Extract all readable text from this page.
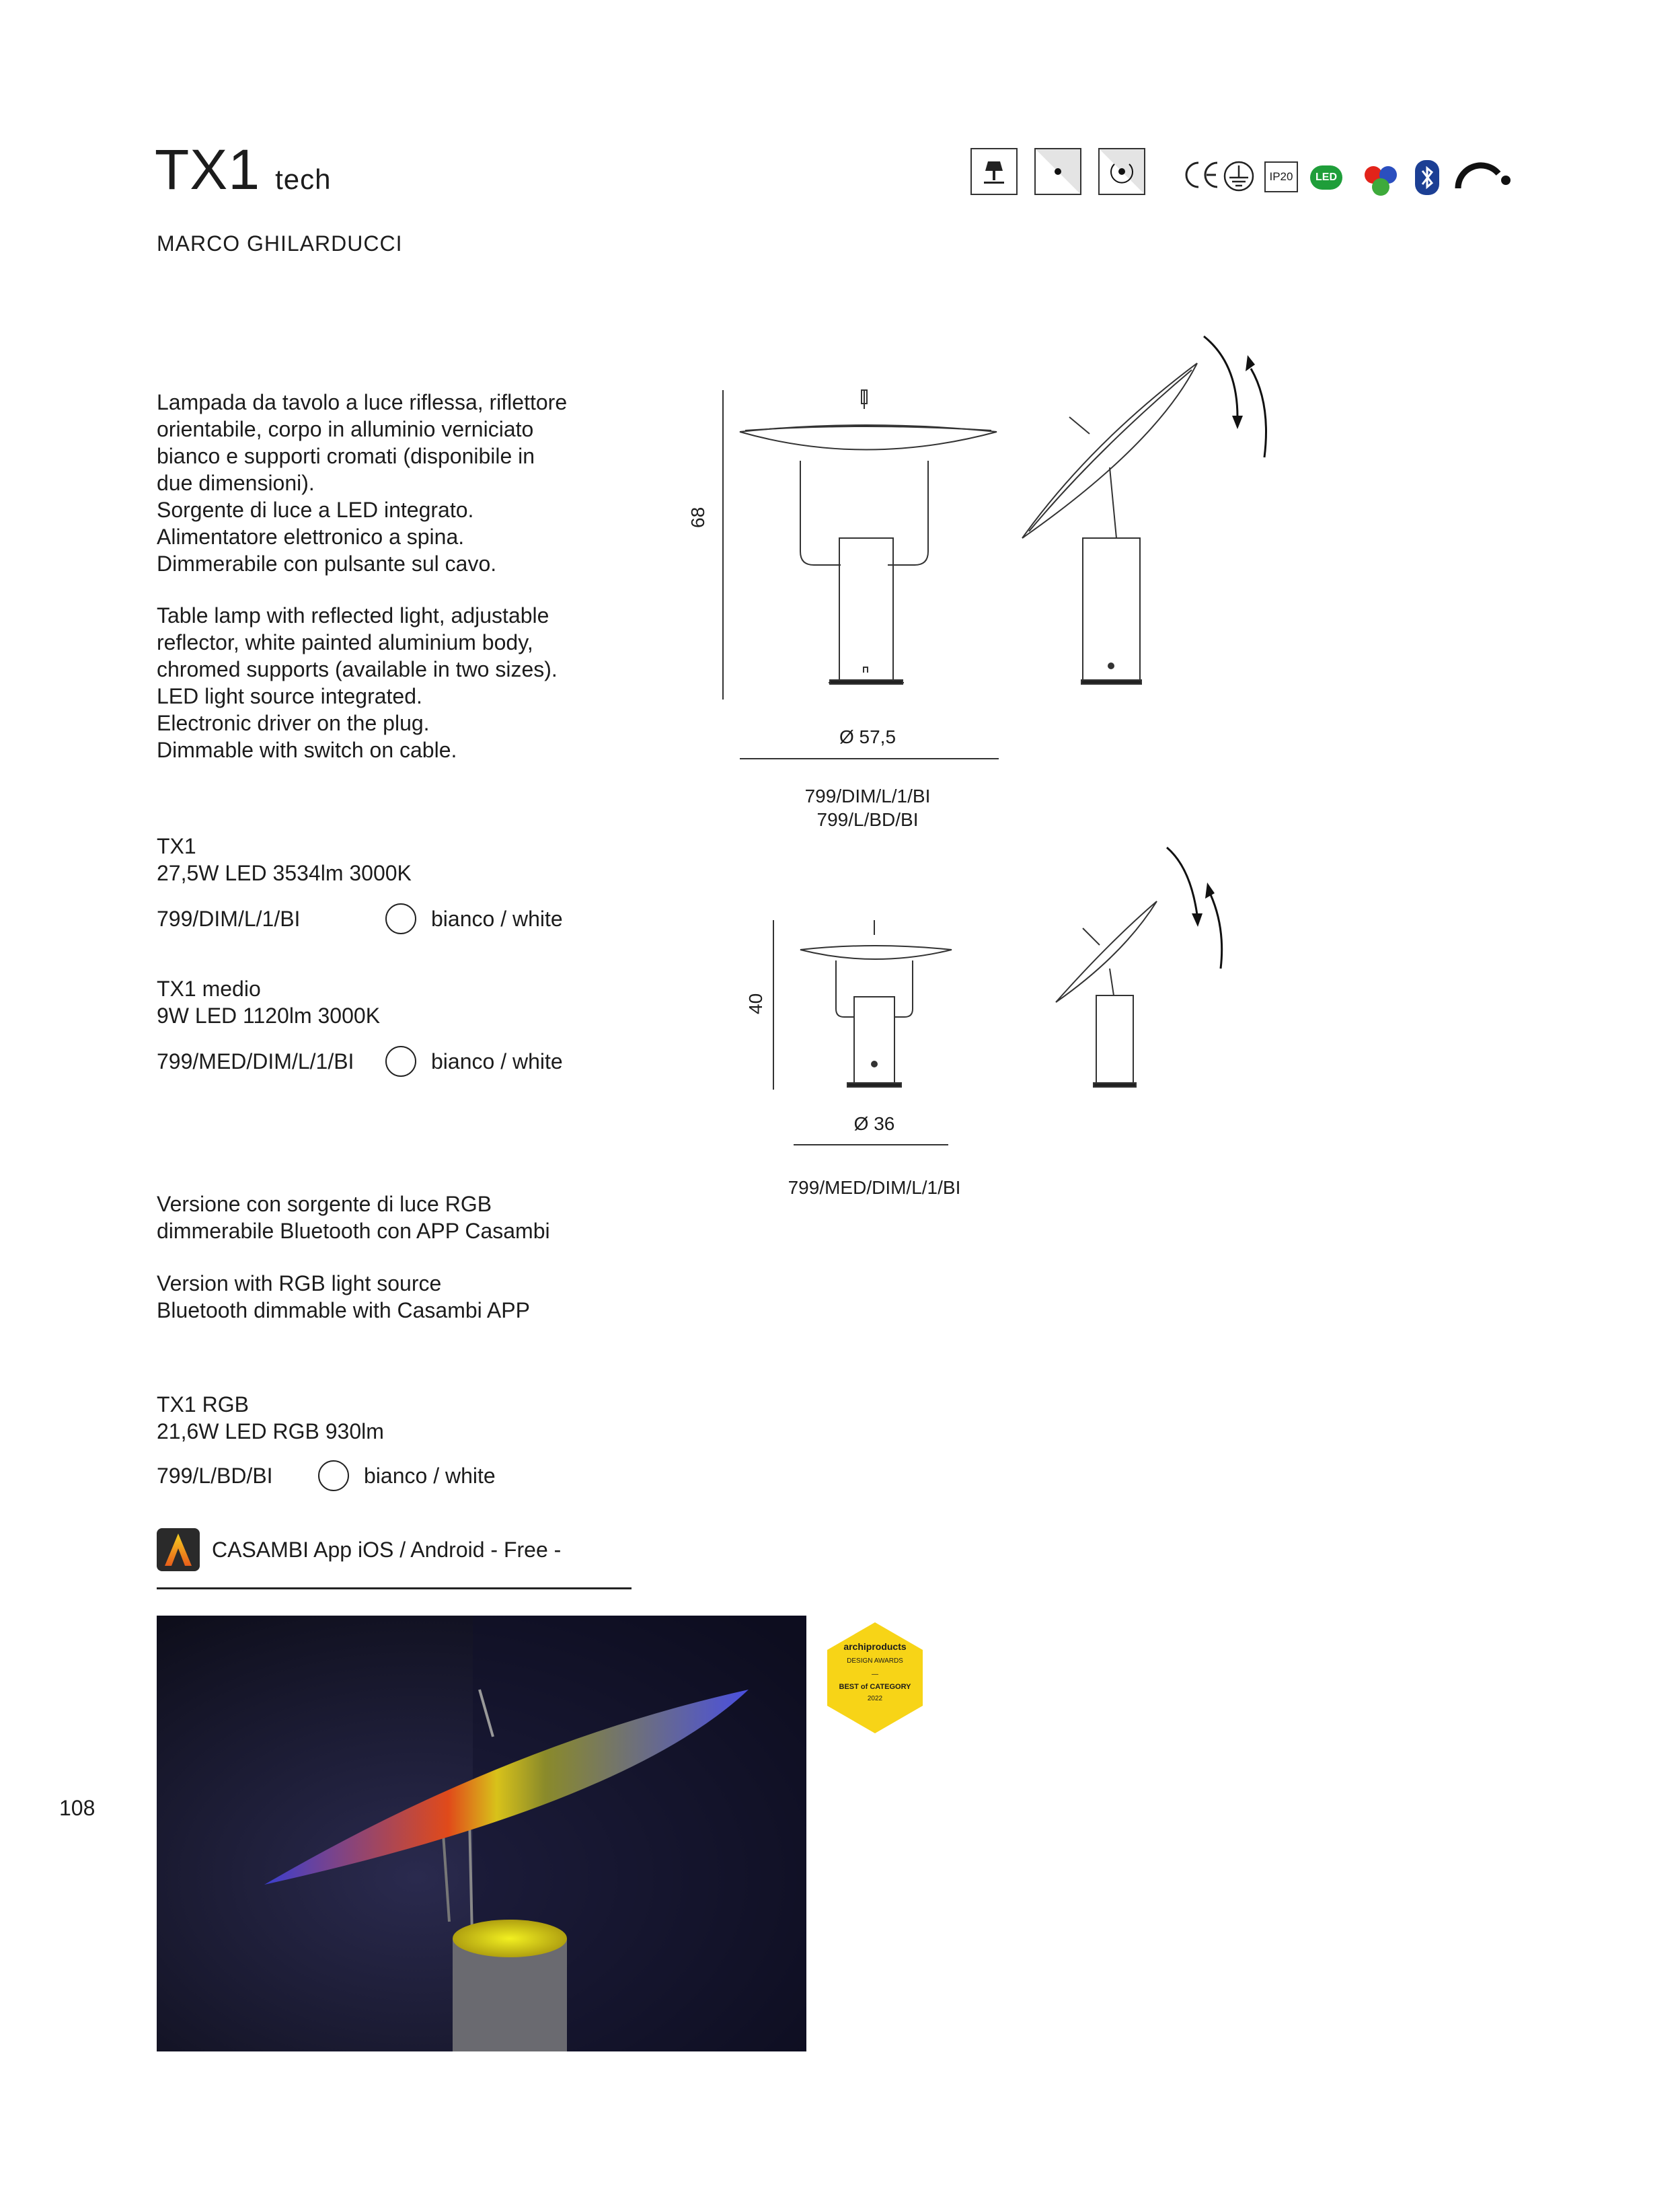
TX1 tech
MARCO GHILARDUCCI
IP20	LED
Lampada da tavolo a luce riflessa, riflettore
orientabile, corpo in alluminio verniciato
bianco e supporti cromati (disponibile in
due dimensioni).
Sorgente di luce a LED integrato.
Alimentatore elettronico a spina.
Dimmerabile con pulsante sul cavo.
Table lamp with reflected light, adjustable
reflector, white painted aluminium body,
chromed supports (available in two sizes).
LED light source integrated.
Electronic driver on the plug.
Dimmable with switch on cable.
TX1
27,5W LED 3534lm 3000K
799/DIM/L/1/BI	bianco / white
TX1 medio
9W LED 1120lm 3000K
799/MED/DIM/L/1/BI	bianco / white
Versione con sorgente di luce RGB
dimmerabile Bluetooth con APP Casambi
Version with RGB light source
Bluetooth dimmable with Casambi APP
TX1 RGB
21,6W LED RGB 930lm
799/L/BD/BI	bianco / white
CASAMBI App iOS / Android - Free -
68
Ø 57,5
799/DIM/L/1/BI
799/L/BD/BI
40
Ø 36
799/MED/DIM/L/1/BI
archiproducts
DESIGN AWARDS
—
BEST of CATEGORY
2022
108
